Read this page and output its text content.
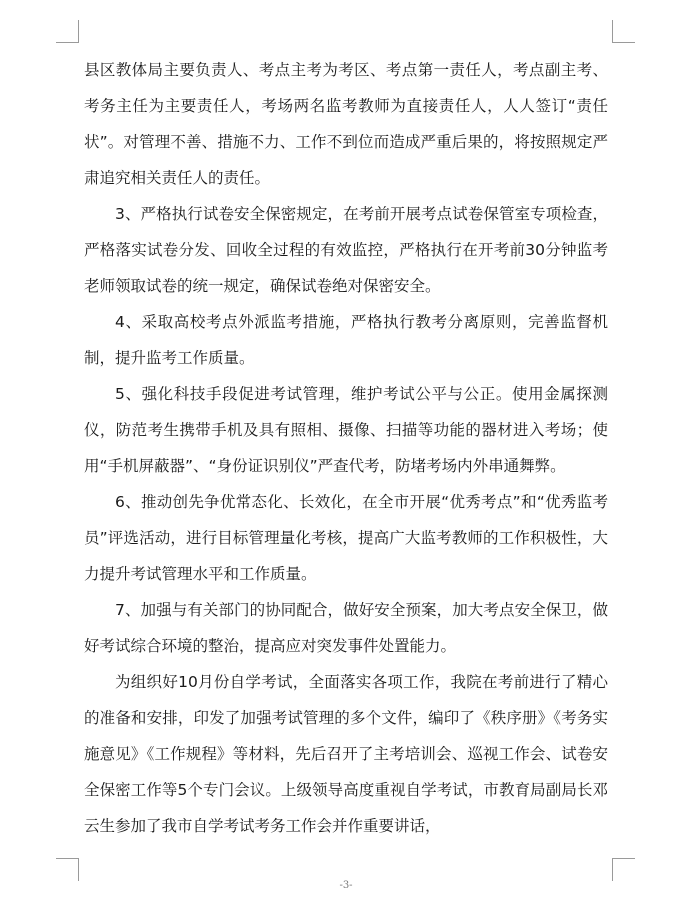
县区教体局主要负责人、考点主考为考区、考点第一责任人，考点副主考、考务主任为主要责任人，考场两名监考教师为直接责任人，人人签订“责任状”。对管理不善、措施不力、工作不到位而造成严重后果的，将按照规定严肃追究相关责任人的责任。

3、严格执行试卷安全保密规定，在考前开展考点试卷保管室专项检查，严格落实试卷分发、回收全过程的有效监控，严格执行在开考前30分钟监考老师领取试卷的统一规定，确保试卷绝对保密安全。

4、采取高校考点外派监考措施，严格执行教考分离原则，完善监督机制，提升监考工作质量。

5、强化科技手段促进考试管理，维护考试公平与公正。使用金属探测仪，防范考生携带手机及具有照相、摄像、扫描等功能的器材进入考场；使用“手机屏蔽器”、“身份证识别仪”严查代考，防堵考场内外串通舞弊。

6、推动创先争优常态化、长效化，在全市开展“优秀考点”和“优秀监考员”评选活动，进行目标管理量化考核，提高广大监考教师的工作积极性，大力提升考试管理水平和工作质量。

7、加强与有关部门的协同配合，做好安全预案，加大考点安全保卫，做好考试综合环境的整治，提高应对突发事件处置能力。

为组织好10月份自学考试，全面落实各项工作，我院在考前进行了精心的准备和安排，印发了加强考试管理的多个文件，编印了《秩序册》《考务实施意见》《工作规程》等材料，先后召开了主考培训会、巡视工作会、试卷安全保密工作等5个专门会议。上级领导高度重视自学考试，市教育局副局长邓云生参加了我市自学考试考务工作会并作重要讲话，

-3-
